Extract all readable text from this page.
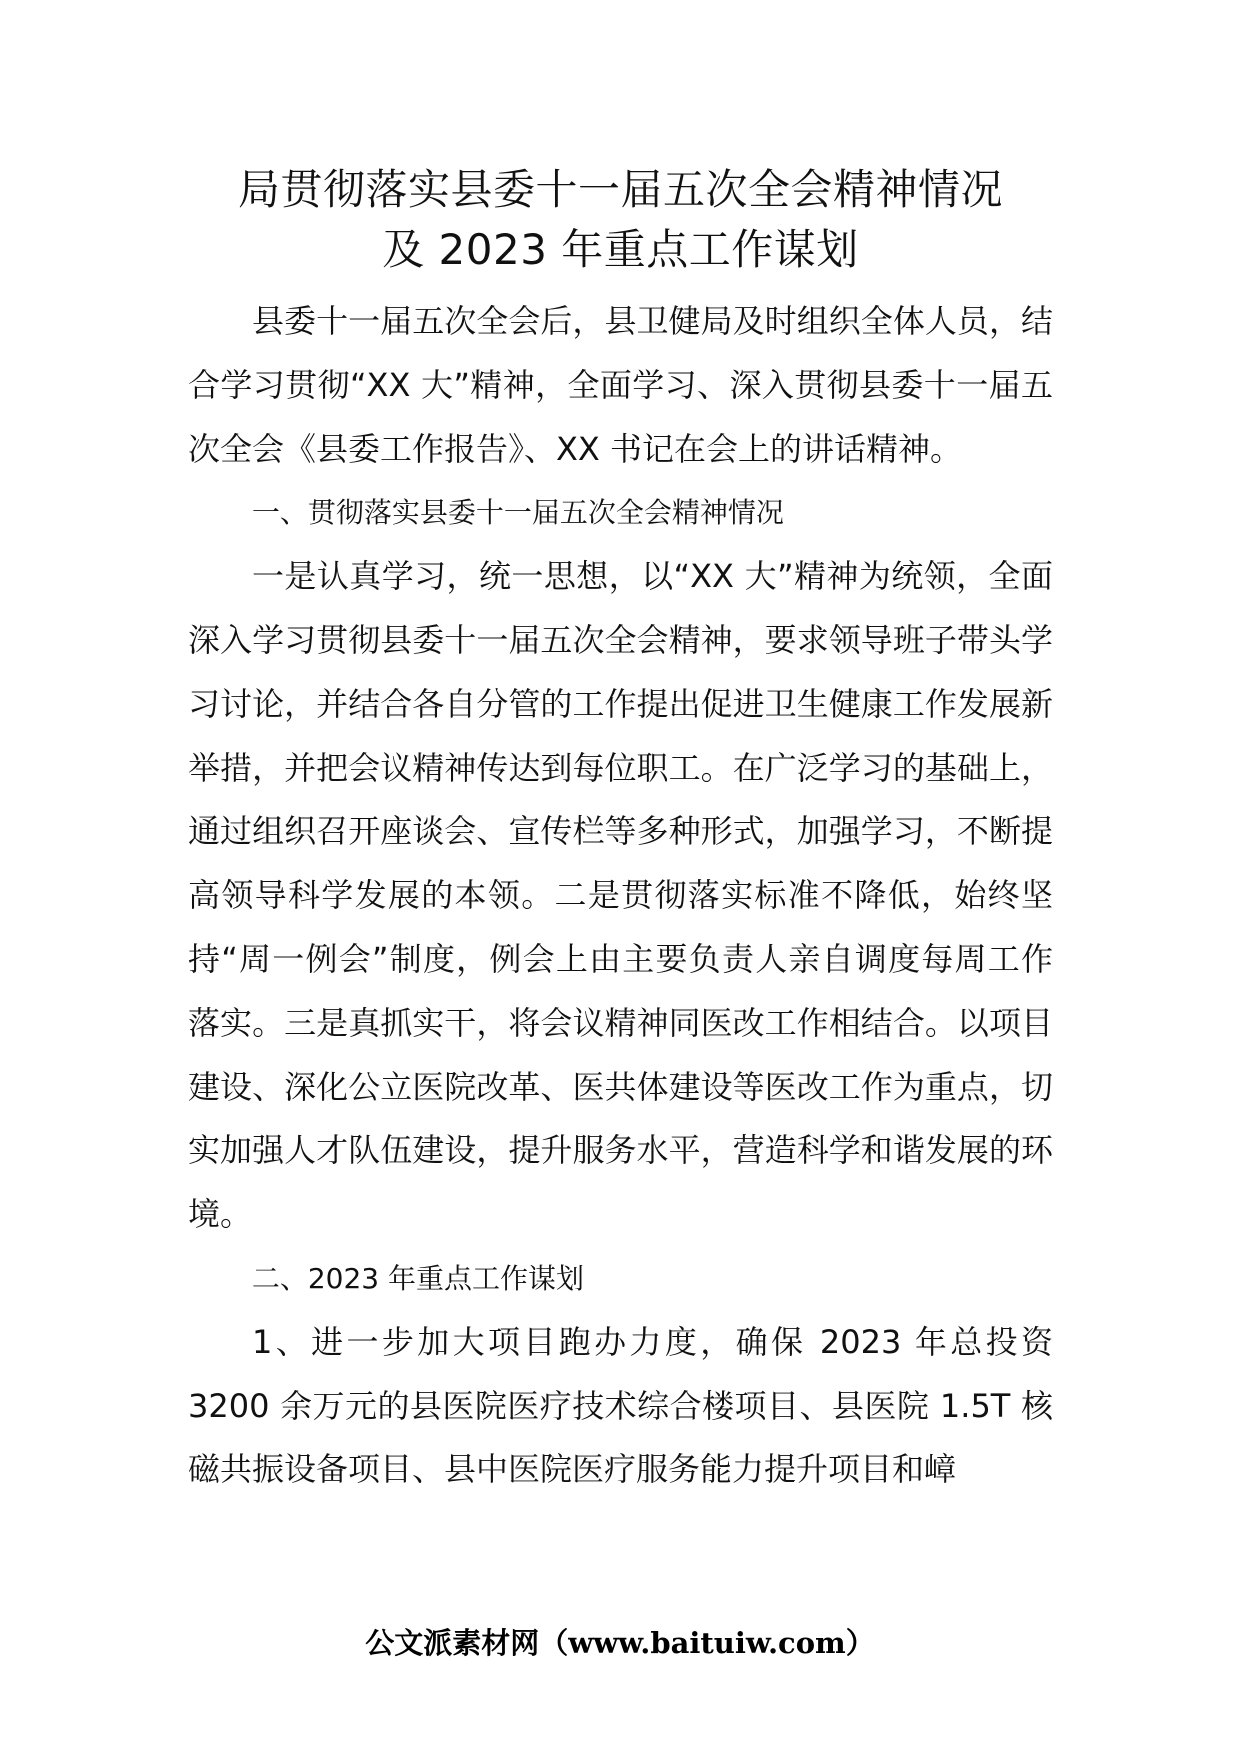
局贯彻落实县委十一届五次全会精神情况
及 2023 年重点工作谋划

县委十一届五次全会后，县卫健局及时组织全体人员，结合学习贯彻“XX 大”精神，全面学习、深入贯彻县委十一届五次全会《县委工作报告》、XX 书记在会上的讲话精神。

一、贯彻落实县委十一届五次全会精神情况

一是认真学习，统一思想，以“XX 大”精神为统领，全面深入学习贯彻县委十一届五次全会精神，要求领导班子带头学习讨论，并结合各自分管的工作提出促进卫生健康工作发展新举措，并把会议精神传达到每位职工。在广泛学习的基础上，通过组织召开座谈会、宣传栏等多种形式，加强学习，不断提高领导科学发展的本领。二是贯彻落实标准不降低，始终坚持“周一例会”制度，例会上由主要负责人亲自调度每周工作落实。三是真抓实干，将会议精神同医改工作相结合。以项目建设、深化公立医院改革、医共体建设等医改工作为重点，切实加强人才队伍建设，提升服务水平，营造科学和谐发展的环境。

二、2023 年重点工作谋划

1、进一步加大项目跑办力度，确保 2023 年总投资 3200 余万元的县医院医疗技术综合楼项目、县医院 1.5T 核磁共振设备项目、县中医院医疗服务能力提升项目和嶂

公文派素材网（www.baituiw.com）
